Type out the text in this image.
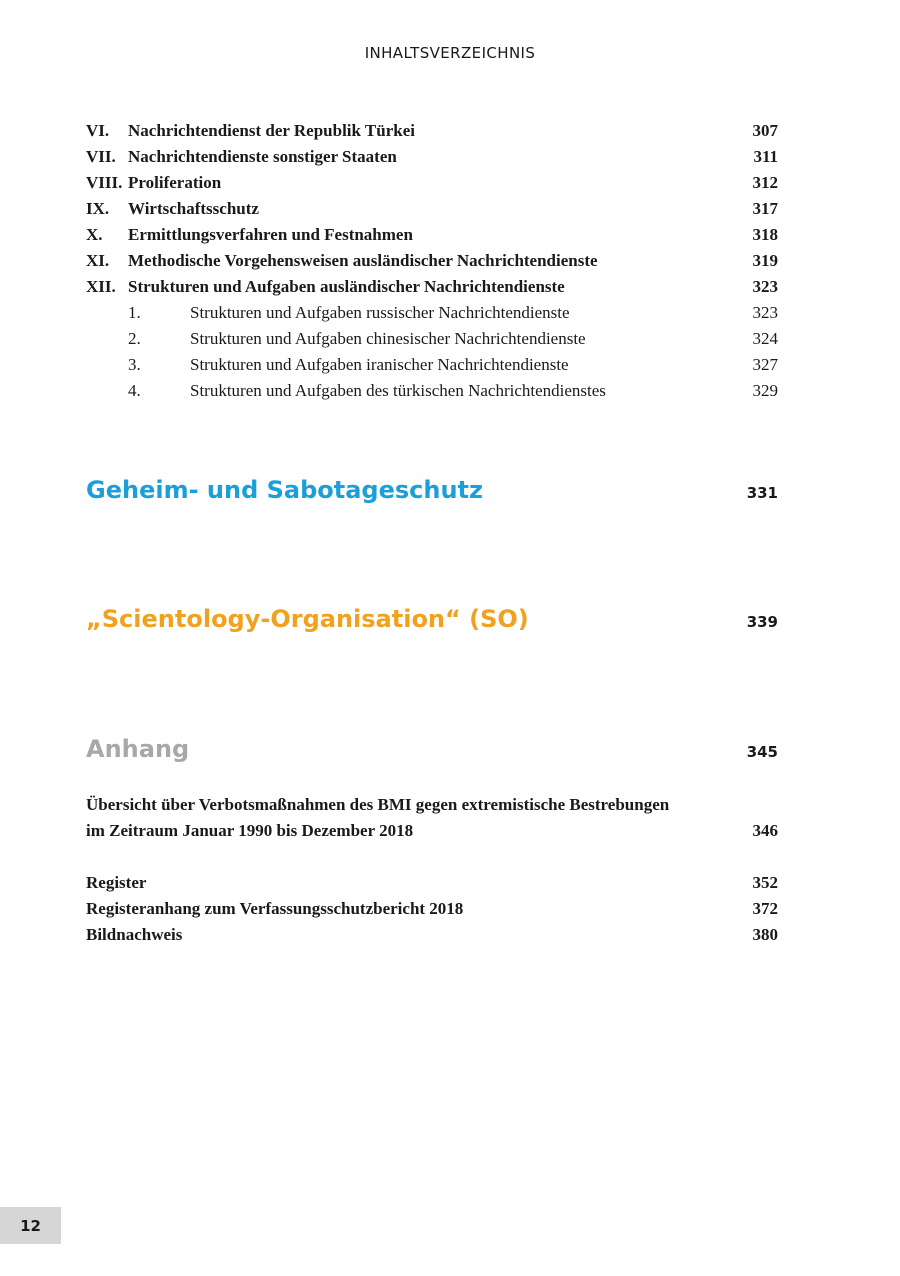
INHALTSVERZEICHNIS
VI.	Nachrichtendienst der Republik Türkei	307
VII. Nachrichtendienste sonstiger Staaten	311
VIII. Proliferation	312
IX.	Wirtschaftsschutz	317
X.	Ermittlungsverfahren und Festnahmen	318
XI.	Methodische Vorgehensweisen ausländischer Nachrichtendienste	319
XII. Strukturen und Aufgaben ausländischer Nachrichtendienste	323
1.	Strukturen und Aufgaben russischer Nachrichtendienste	323
2.	Strukturen und Aufgaben chinesischer Nachrichtendienste	324
3.	Strukturen und Aufgaben iranischer Nachrichtendienste	327
4.	Strukturen und Aufgaben des türkischen Nachrichtendienstes	329
Geheim- und Sabotageschutz	331
„Scientology-Organisation“ (SO)	339
Anhang	345
Übersicht über Verbotsmaßnahmen des BMI gegen extremistische Bestrebungen
im Zeitraum Januar 1990 bis Dezember 2018	346
Register	352
Registeranhang zum Verfassungsschutzbericht 2018	372
Bildnachweis	380
12
